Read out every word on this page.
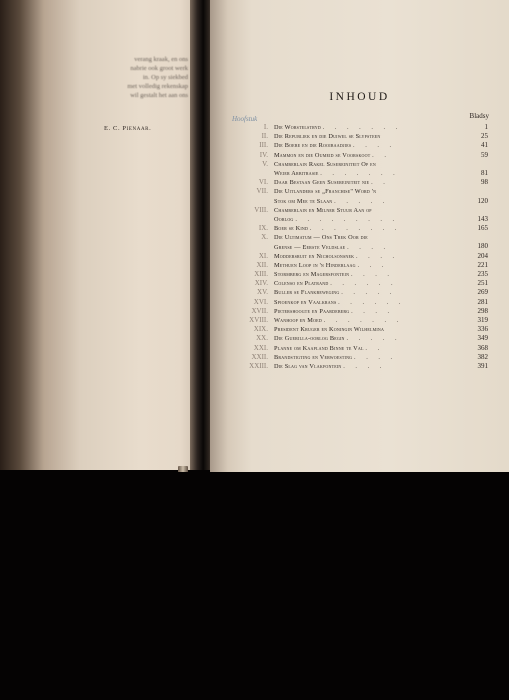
verang kraak, en ons
nabrie ook groot werk
in. Op sy siekbed
met volledig rekenskap
wil gestalt het aan ons
E. C. Pienaar.
INHOUD
Hoofstuk	Bladsy
I. Die Worstelstryd . . . . . . .	1
II. Die Republiek en die Duiwel se Slypsteen	25
III. Die Boere en die Rooibaadjies . . . .	41
IV. Mammon en die Oumeid se Voorskoot . .	59
V. Chamberlain Rakel Susereiniteit Op en
Weier Arbitrasie . . . . . . .	81
VI. Daar Bestaan Geen Susereiniteit nie . .	98
VII. Die Uitlanders se „Franchise" Word 'n
Stok om Mee te Slaan . . . . .	120
VIII. Chamberlain en Milner Stuur Aan op
Oorlog . . . . . . . . .	143
IX. Boer se Kind . . . . . . . .	165
X. Die Ultimatum — Ons Trek Oor die
Grense — Eerste Veldslae . . . .	180
XI. Moddersruit en Nicholsonsnek . . . .	204
XII. Methuen Loop in 'n Hinderlaag . . .	221
XIII. Stormberg en Magersfontein . . . .	235
XIV. Colenso en Platrand . . . . . .	251
XV. Buller se Flankbeweging . . . . .	269
XVI. Spioenkop en Vaalkrans . . . . . .	281
XVII. Pietershoogte en Paardeberg . . . .	298
XVIII. Wanhoop en Moed . . . . . . .	319
XIX. President Kruger en Koningin Wilhelmina	336
XX. Die Guerilla-oorlog Begin . . . . .	349
XXI. Planne om Kaapland Binne te Val . .	368
XXII. Brandstigting en Verwoesting . . . .	382
XXIII. Die Slag van Vlakfontein . . . .	391
